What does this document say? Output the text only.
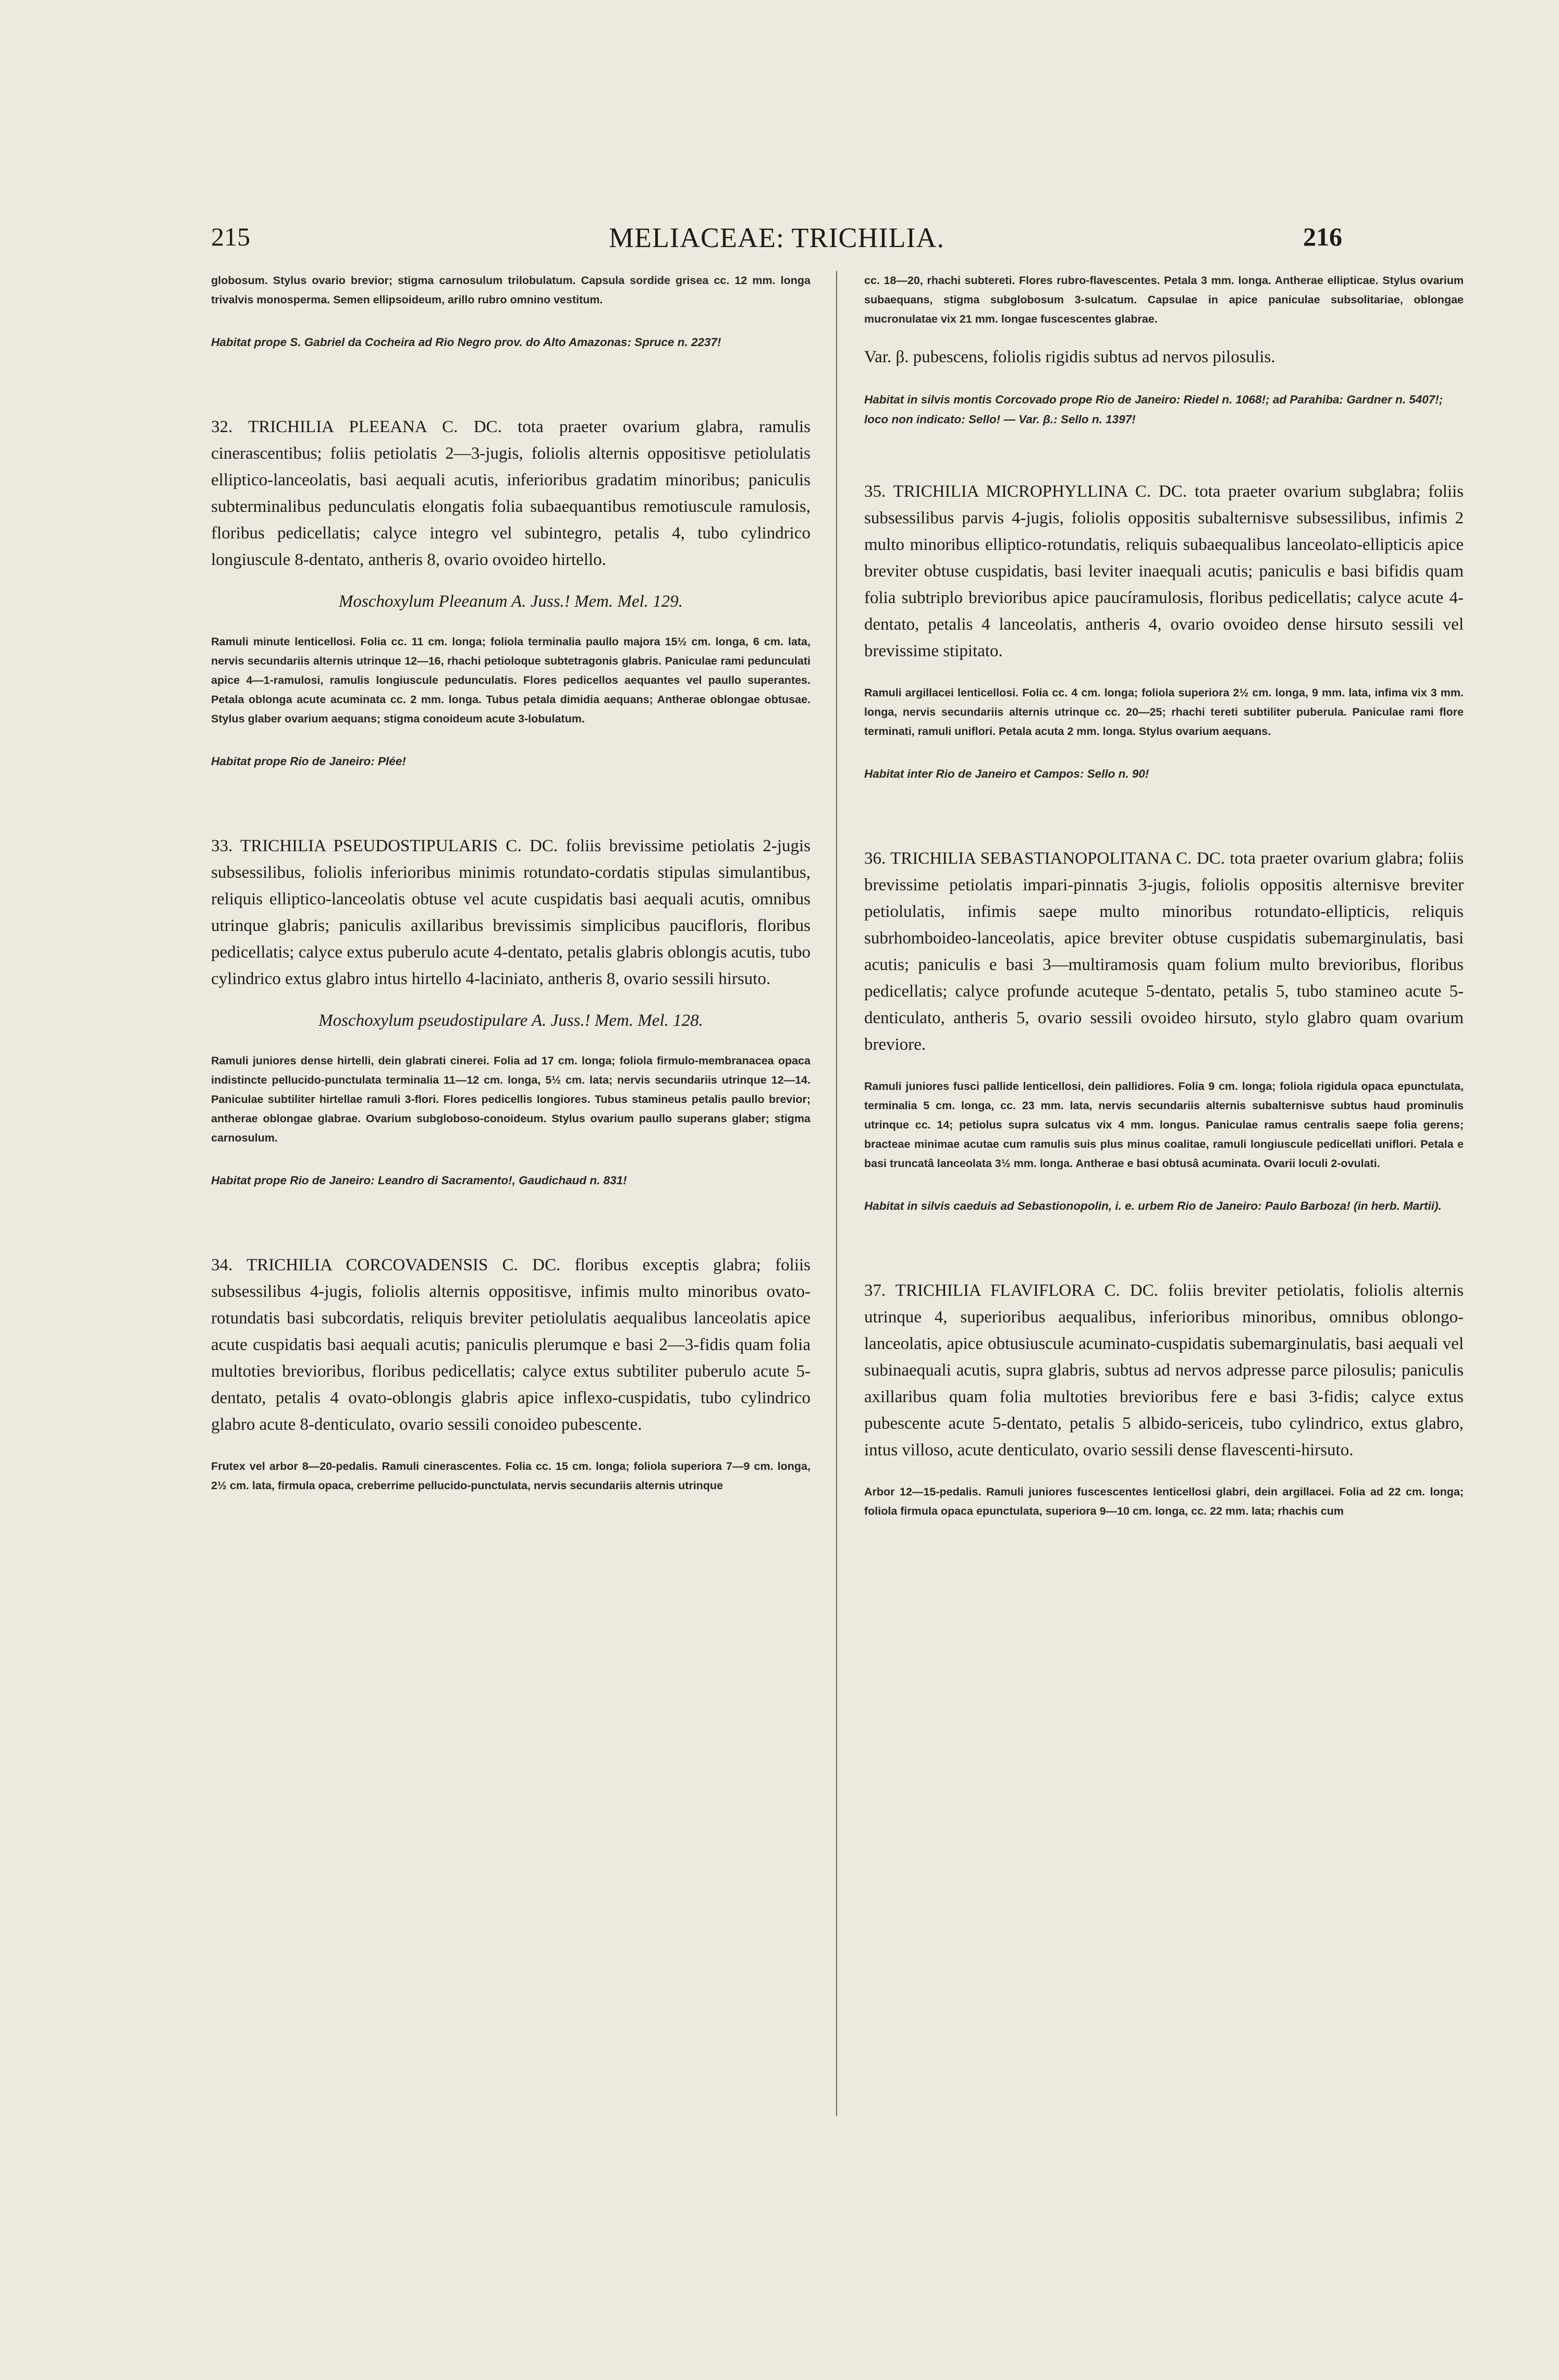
215	MELIACEAE: TRICHILIA.	216

globosum. Stylus ovario brevior; stigma carnosulum trilobulatum. Capsula sordide grisea cc. 12 mm. longa trivalvis monosperma. Semen ellipsoideum, arillo rubro omnino vestitum.

Habitat prope S. Gabriel da Cocheira ad Rio Negro prov. do Alto Amazonas: Spruce n. 2237!

32. TRICHILIA PLEEANA C. DC. tota praeter ovarium glabra, ramulis cinerascentibus; foliis petiolatis 2—3-jugis, foliolis alternis oppositisve petiolulatis elliptico-lanceolatis, basi aequali acutis, inferioribus gradatim minoribus; paniculis subterminalibus pedunculatis elongatis folia subaequantibus remotiuscule ramulosis, floribus pedicellatis; calyce integro vel subintegro, petalis 4, tubo cylindrico longiuscule 8-dentato, antheris 8, ovario ovoideo hirtello.

Moschoxylum Pleeanum A. Juss.! Mem. Mel. 129.

Ramuli minute lenticellosi. Folia cc. 11 cm. longa; foliola terminalia paullo majora 15½ cm. longa, 6 cm. lata, nervis secundariis alternis utrinque 12—16, rhachi petioloque subtetragonis glabris. Paniculae rami pedunculati apice 4—1-ramulosi, ramulis longiuscule pedunculatis. Flores pedicellos aequantes vel paullo superantes. Petala oblonga acute acuminata cc. 2 mm. longa. Tubus petala dimidia aequans; Antherae oblongae obtusae. Stylus glaber ovarium aequans; stigma conoideum acute 3-lobulatum.

Habitat prope Rio de Janeiro: Plée!

33. TRICHILIA PSEUDOSTIPULARIS C. DC. foliis brevissime petiolatis 2-jugis subsessilibus, foliolis inferioribus minimis rotundato-cordatis stipulas simulantibus, reliquis elliptico-lanceolatis obtuse vel acute cuspidatis basi aequali acutis, omnibus utrinque glabris; paniculis axillaribus brevissimis simplicibus paucifloris, floribus pedicellatis; calyce extus puberulo acute 4-dentato, petalis glabris oblongis acutis, tubo cylindrico extus glabro intus hirtello 4-laciniato, antheris 8, ovario sessili hirsuto.

Moschoxylum pseudostipulare A. Juss.! Mem. Mel. 128.

Ramuli juniores dense hirtelli, dein glabrati cinerei. Folia ad 17 cm. longa; foliola firmulo-membranacea opaca indistincte pellucido-punctulata terminalia 11—12 cm. longa, 5½ cm. lata; nervis secundariis utrinque 12—14. Paniculae subtiliter hirtellae ramuli 3-flori. Flores pedicellis longiores. Tubus stamineus petalis paullo brevior; antherae oblongae glabrae. Ovarium subgloboso-conoideum. Stylus ovarium paullo superans glaber; stigma carnosulum.

Habitat prope Rio de Janeiro: Leandro di Sacramento!, Gaudichaud n. 831!

34. TRICHILIA CORCOVADENSIS C. DC. floribus exceptis glabra; foliis subsessilibus 4-jugis, foliolis alternis oppositisve, infimis multo minoribus ovato-rotundatis basi subcordatis, reliquis breviter petiolulatis aequalibus lanceolatis apice acute cuspidatis basi aequali acutis; paniculis plerumque e basi 2—3-fidis quam folia multoties brevioribus, floribus pedicellatis; calyce extus subtiliter puberulo acute 5-dentato, petalis 4 ovato-oblongis glabris apice inflexo-cuspidatis, tubo cylindrico glabro acute 8-denticulato, ovario sessili conoideo pubescente.

Frutex vel arbor 8—20-pedalis. Ramuli cinerascentes. Folia cc. 15 cm. longa; foliola superiora 7—9 cm. longa, 2½ cm. lata, firmula opaca, creberrime pellucido-punctulata, nervis secundariis alternis utrinque

cc. 18—20, rhachi subtereti. Flores rubro-flavescentes. Petala 3 mm. longa. Antherae ellipticae. Stylus ovarium subaequans, stigma subglobosum 3-sulcatum. Capsulae in apice paniculae subsolitariae, oblongae mucronulatae vix 21 mm. longae fuscescentes glabrae.

Var. β. pubescens, foliolis rigidis subtus ad nervos pilosulis.

Habitat in silvis montis Corcovado prope Rio de Janeiro: Riedel n. 1068!; ad Parahiba: Gardner n. 5407!; loco non indicato: Sello! — Var. β.: Sello n. 1397!

35. TRICHILIA MICROPHYLLINA C. DC. tota praeter ovarium subglabra; foliis subsessilibus parvis 4-jugis, foliolis oppositis subalternisve subsessilibus, infimis 2 multo minoribus elliptico-rotundatis, reliquis subaequalibus lanceolato-ellipticis apice breviter obtuse cuspidatis, basi leviter inaequali acutis; paniculis e basi bifidis quam folia subtriplo brevioribus apice paucíramulosis, floribus pedicellatis; calyce acute 4-dentato, petalis 4 lanceolatis, antheris 4, ovario ovoideo dense hirsuto sessili vel brevissime stipitato.

Ramuli argillacei lenticellosi. Folia cc. 4 cm. longa; foliola superiora 2½ cm. longa, 9 mm. lata, infima vix 3 mm. longa, nervis secundariis alternis utrinque cc. 20—25; rhachi tereti subtiliter puberula. Paniculae rami flore terminati, ramuli uniflori. Petala acuta 2 mm. longa. Stylus ovarium aequans.

Habitat inter Rio de Janeiro et Campos: Sello n. 90!

36. TRICHILIA SEBASTIANOPOLITANA C. DC. tota praeter ovarium glabra; foliis brevissime petiolatis impari-pinnatis 3-jugis, foliolis oppositis alternisve breviter petiolulatis, infimis saepe multo minoribus rotundato-ellipticis, reliquis subrhomboideo-lanceolatis, apice breviter obtuse cuspidatis subemarginulatis, basi acutis; paniculis e basi 3—multiramosis quam folium multo brevioribus, floribus pedicellatis; calyce profunde acuteque 5-dentato, petalis 5, tubo stamineo acute 5-denticulato, antheris 5, ovario sessili ovoideo hirsuto, stylo glabro quam ovarium breviore.

Ramuli juniores fusci pallide lenticellosi, dein pallidiores. Folia 9 cm. longa; foliola rigidula opaca epunctulata, terminalia 5 cm. longa, cc. 23 mm. lata, nervis secundariis alternis subalternisve subtus haud prominulis utrinque cc. 14; petiolus supra sulcatus vix 4 mm. longus. Paniculae ramus centralis saepe folia gerens; bracteae minimae acutae cum ramulis suis plus minus coalitae, ramuli longiuscule pedicellati uniflori. Petala e basi truncatâ lanceolata 3½ mm. longa. Antherae e basi obtusâ acuminata. Ovarii loculi 2-ovulati.

Habitat in silvis caeduis ad Sebastionopolin, i. e. urbem Rio de Janeiro: Paulo Barboza! (in herb. Martii).

37. TRICHILIA FLAVIFLORA C. DC. foliis breviter petiolatis, foliolis alternis utrinque 4, superioribus aequalibus, inferioribus minoribus, omnibus oblongo-lanceolatis, apice obtusiuscule acuminato-cuspidatis subemarginulatis, basi aequali vel subinaequali acutis, supra glabris, subtus ad nervos adpresse parce pilosulis; paniculis axillaribus quam folia multoties brevioribus fere e basi 3-fidis; calyce extus pubescente acute 5-dentato, petalis 5 albido-sericeis, tubo cylindrico, extus glabro, intus villoso, acute denticulato, ovario sessili dense flavescenti-hirsuto.

Arbor 12—15-pedalis. Ramuli juniores fuscescentes lenticellosi glabri, dein argillacei. Folia ad 22 cm. longa; foliola firmula opaca epunctulata, superiora 9—10 cm. longa, cc. 22 mm. lata; rhachis cum
